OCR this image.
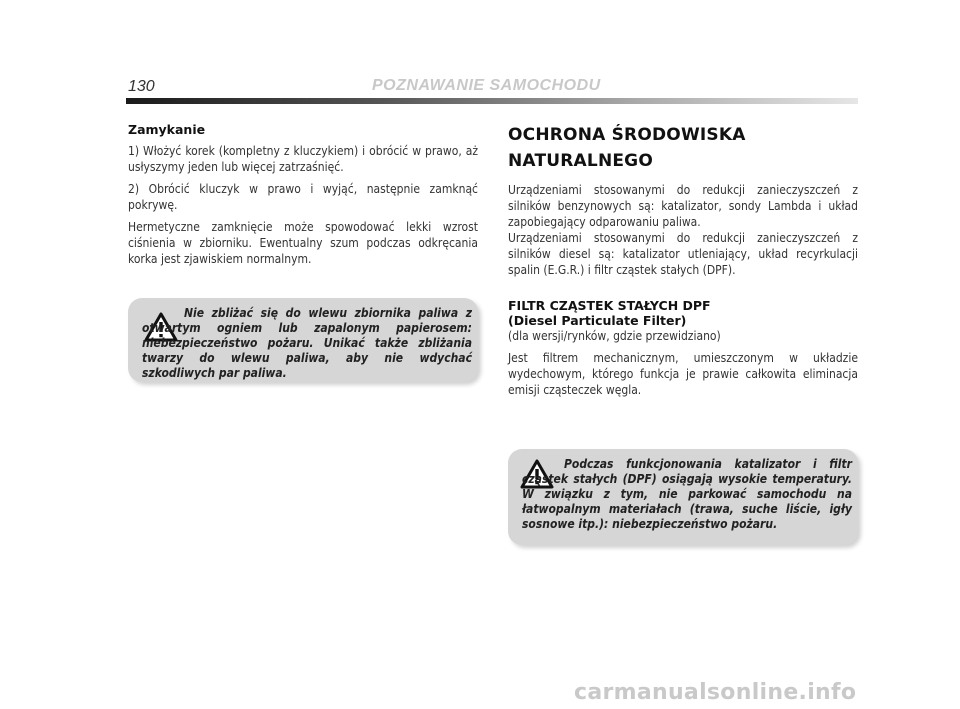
130	POZNAWANIE SAMOCHODU
Zamykanie

1) Włożyć korek (kompletny z kluczykiem) i obrócić w prawo, aż usłyszymy jeden lub więcej zatrzaśnięć.

2) Obrócić kluczyk w prawo i wyjąć, następnie zamknąć pokrywę.

Hermetyczne zamknięcie może spowodować lekki wzrost ciśnienia w zbiorniku. Ewentualny szum podczas odkręcania korka jest zjawiskiem normalnym.

Nie zbliżać się do wlewu zbiornika paliwa z otwartym ogniem lub zapalonym papierosem: niebezpieczeństwo pożaru. Unikać także zbliżania twarzy do wlewu paliwa, aby nie wdychać szkodliwych par paliwa.

OCHRONA ŚRODOWISKA
NATURALNEGO

Urządzeniami stosowanymi do redukcji zanieczyszczeń z silników benzynowych są: katalizator, sondy Lambda i układ zapobiegający odparowaniu paliwa.

Urządzeniami stosowanymi do redukcji zanieczyszczeń z silników diesel są: katalizator utleniający, układ recyrkulacji spalin (E.G.R.) i filtr cząstek stałych (DPF).

FILTR CZĄSTEK STAŁYCH DPF
(Diesel Particulate Filter)

(dla wersji/rynków, gdzie przewidziano)

Jest filtrem mechanicznym, umieszczonym w układzie wydechowym, którego funkcja je prawie całkowita eliminacja emisji cząsteczek węgla.

Podczas funkcjonowania katalizator i filtr cząstek stałych (DPF) osiągają wysokie temperatury. W związku z tym, nie parkować samochodu na łatwopalnym materiałach (trawa, suche liście, igły sosnowe itp.): niebezpieczeństwo pożaru.

carmanualsonline.info
